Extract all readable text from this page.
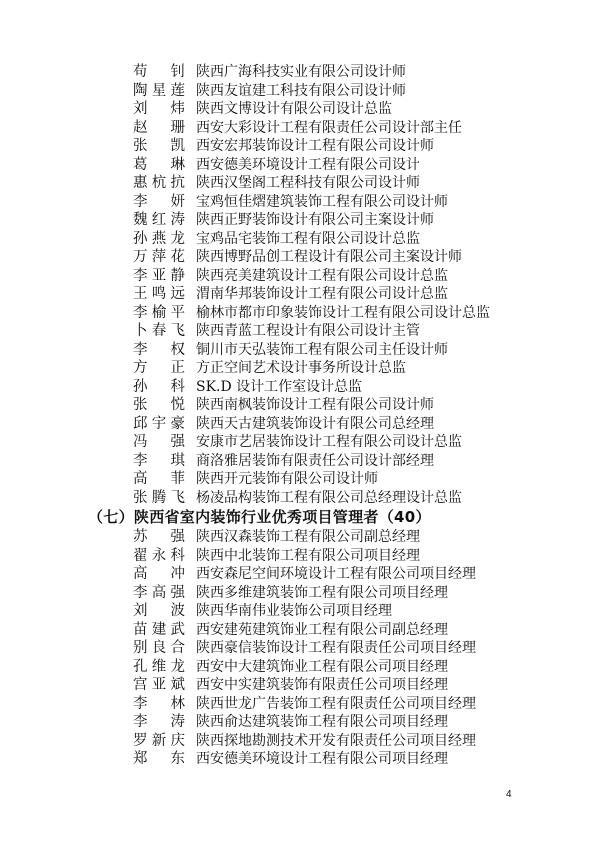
苟 钊 陕西广海科技实业有限公司设计师
陶星莲 陕西友谊建工科技有限公司设计师
刘 炜 陕西文博设计有限公司设计总监
赵 珊 西安大彩设计工程有限责任公司设计部主任
张 凯 西安宏邦装饰设计工程有限公司设计师
葛 琳 西安德美环境设计工程有限公司设计
惠杭抗 陕西汉堡阁工程科技有限公司设计师
李 妍 宝鸡恒佳熠建筑装饰工程有限公司设计师
魏红涛 陕西正野装饰设计有限公司主案设计师
孙燕龙 宝鸡品宅装饰工程有限公司设计总监
万萍花 陕西博野品创工程设计有限公司主案设计师
李亚静 陕西亮美建筑设计工程有限公司设计总监
王鸣远 渭南华邦装饰设计工程有限公司设计总监
李榆平 榆林市都市印象装饰设计工程有限公司设计总监
卜春飞 陕西青蓝工程设计有限公司设计主管
李 权 铜川市天弘装饰工程有限公司主任设计师
方 正 方正空间艺术设计事务所设计总监
孙 科 SK.D 设计工作室设计总监
张 悦 陕西南枫装饰设计工程有限公司设计师
邱宇豪 陕西天古建筑装饰设计有限公司总经理
冯 强 安康市艺居装饰设计工程有限公司设计总监
李 琪 商洛雅居装饰有限责任公司设计部经理
高 菲 陕西开元装饰有限公司设计师
张腾飞 杨凌品构装饰工程有限公司总经理设计总监
（七）陕西省室内装饰行业优秀项目管理者（40）
苏 强 陕西汉森装饰工程有限公司副总经理
翟永科 陕西中北装饰工程有限公司项目经理
高 冲 西安森尼空间环境设计工程有限公司项目经理
李高强 陕西多维建筑装饰工程有限公司项目经理
刘 波 陕西华南伟业装饰公司项目经理
苗建武 西安建苑建筑饰业工程有限公司副总经理
别良合 陕西豪信装饰设计工程有限责任公司项目经理
孔维龙 西安中大建筑饰业工程有限公司项目经理
宫亚斌 西安中实建筑装饰有限责任公司项目经理
李 林 陕西世龙广告装饰工程有限责任公司项目经理
李 涛 陕西俞达建筑装饰工程有限公司项目经理
罗新庆 陕西探地勘测技术开发有限责任公司项目经理
郑 东 西安德美环境设计工程有限公司项目经理
4
